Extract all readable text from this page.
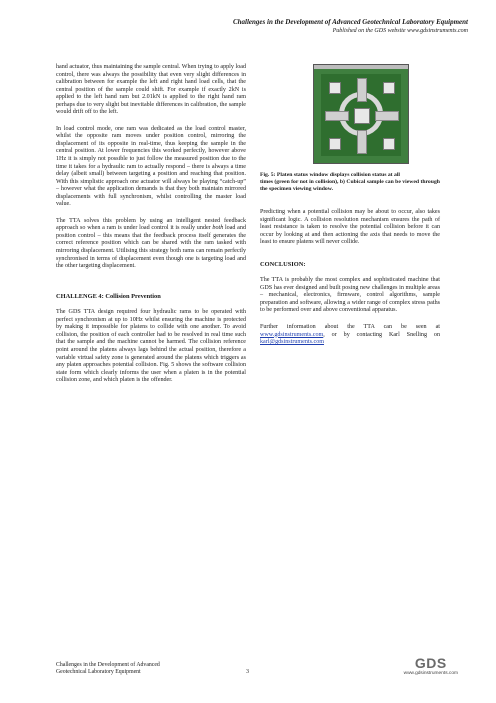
Challenges in the Development of Advanced Geotechnical Laboratory Equipment
Published on the GDS website www.gdsinstruments.com

hand actuator, thus maintaining the sample central. When trying to apply load control, there was always the possibility that even very slight differences in calibration between for example the left and right hand load cells, that the central position of the sample could shift. For example if exactly 2kN is applied to the left hand ram but 2.01kN is applied to the right hand ram perhaps due to very slight but inevitable differences in calibration, the sample would drift off to the left.

In load control mode, one ram was dedicated as the load control master, whilst the opposite ram moves under position control, mirroring the displacement of its opposite in real-time, thus keeping the sample in the central position. At lower frequencies this worked perfectly, however above 1Hz it is simply not possible to just follow the measured position due to the time it takes for a hydraulic ram to actually respond – there is always a time delay (albeit small) between targeting a position and reaching that position. With this simplistic approach one actuator will always be playing “catch-up” – however what the application demands is that they both maintain mirrored displacements with full synchronism, whilst controlling the master load value.

The TTA solves this problem by using an intelligent nested feedback approach so when a ram is under load control it is really under both load and position control – this means that the feedback process itself generates the correct reference position which can be shared with the ram tasked with mirroring displacement. Utilising this strategy both rams can remain perfectly synchronised in terms of displacement even though one is targeting load and the other targeting displacement.

CHALLENGE 4: Collision Prevention

The GDS TTA design required four hydraulic rams to be operated with perfect synchronism at up to 10Hz whilst ensuring the machine is protected by making it impossible for platens to collide with one another. To avoid collision, the position of each controller had to be resolved in real time such that the sample and the machine cannot be harmed. The collision reference point around the platens always lags behind the actual position, therefore a variable virtual safety zone is generated around the platens which triggers as any platen approaches potential collision. Fig. 5 shows the software collision state form which clearly informs the user when a platen is in the potential collision zone, and which platen is the offender.

Fig. 5: Platen status window displays collision status at all
times (green for not in collision), b) Cubical sample can be viewed through the specimen viewing window.

Predicting when a potential collision may be about to occur, also takes significant logic. A collision resolution mechanism ensures the path of least resistance is taken to resolve the potential collision before it can occur by looking at and then actioning the axis that needs to move the least to ensure platens will never collide.

CONCLUSION:

The TTA is probably the most complex and sophisticated machine that GDS has ever designed and built posing new challenges in multiple areas – mechanical, electronics, firmware, control algorithms, sample preparation and software, allowing a wider range of complex stress paths to be performed over and above conventional apparatus.

Further information about the TTA can be seen at www.gdsinstruments.com, or by contacting Karl Snelling on karl@gdsinstruments.com

Challenges in the Development of Advanced
Geotechnical Laboratory Equipment	3
GDS
www.gdsinstruments.com
